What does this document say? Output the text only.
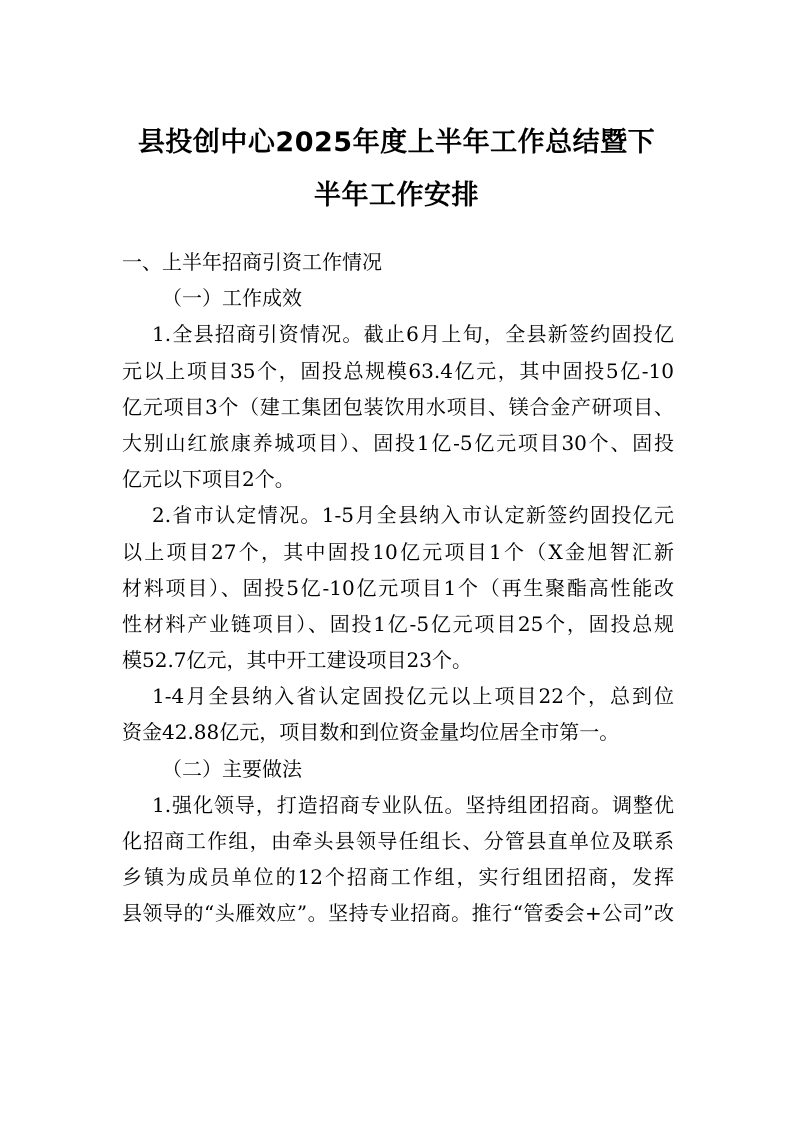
县投创中心2025年度上半年工作总结暨下
半年工作安排
一、上半年招商引资工作情况
（一）工作成效
1.全县招商引资情况。截止6月上旬，全县新签约固投亿
元以上项目35个，固投总规模63.4亿元，其中固投5亿-10
亿元项目3个（建工集团包装饮用水项目、镁合金产研项目、
大别山红旅康养城项目）、固投1亿-5亿元项目30个、固投
亿元以下项目2个。
2.省市认定情况。1-5月全县纳入市认定新签约固投亿元
以上项目27个，其中固投10亿元项目1个（X金旭智汇新
材料项目）、固投5亿-10亿元项目1个（再生聚酯高性能改
性材料产业链项目）、固投1亿-5亿元项目25个，固投总规
模52.7亿元，其中开工建设项目23个。
1-4月全县纳入省认定固投亿元以上项目22个，总到位
资金42.88亿元，项目数和到位资金量均位居全市第一。
（二）主要做法
1.强化领导，打造招商专业队伍。坚持组团招商。调整优
化招商工作组，由牵头县领导任组长、分管县直单位及联系
乡镇为成员单位的12个招商工作组，实行组团招商，发挥
县领导的“头雁效应”。坚持专业招商。推行“管委会+公司”改
